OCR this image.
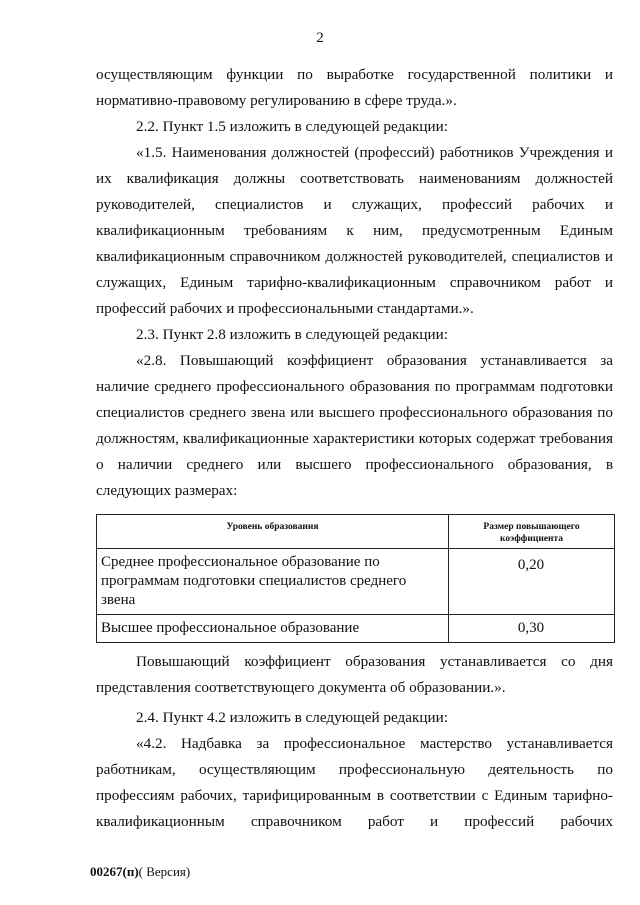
2

осуществляющим функции по выработке государственной политики и нормативно-правовому регулированию в сфере труда.».

2.2. Пункт 1.5 изложить в следующей редакции:

«1.5. Наименования должностей (профессий) работников Учреждения и их квалификация должны соответствовать наименованиям должностей руководителей, специалистов и служащих, профессий рабочих и квалификационным требованиям к ним, предусмотренным Единым квалификационным справочником должностей руководителей, специалистов и служащих, Единым тарифно-квалификационным справочником работ и профессий рабочих и профессиональными стандартами.».

2.3. Пункт 2.8 изложить в следующей редакции:

«2.8. Повышающий коэффициент образования устанавливается за наличие среднего профессионального образования по программам подготовки специалистов среднего звена или высшего профессионального образования по должностям, квалификационные характеристики которых содержат требования о наличии среднего или высшего профессионального образования, в следующих размерах:

Уровень образования	Размер повышающего коэффициента
Среднее профессиональное образование по программам подготовки специалистов среднего звена	0,20
Высшее профессиональное образование	0,30

Повышающий коэффициент образования устанавливается со дня представления соответствующего документа об образовании.».

2.4. Пункт 4.2 изложить в следующей редакции:

«4.2. Надбавка за профессиональное мастерство устанавливается работникам, осуществляющим профессиональную деятельность по профессиям рабочих, тарифицированным в соответствии с Единым тарифно-квалификационным справочником работ и профессий рабочих

00267(п)( Версия)
